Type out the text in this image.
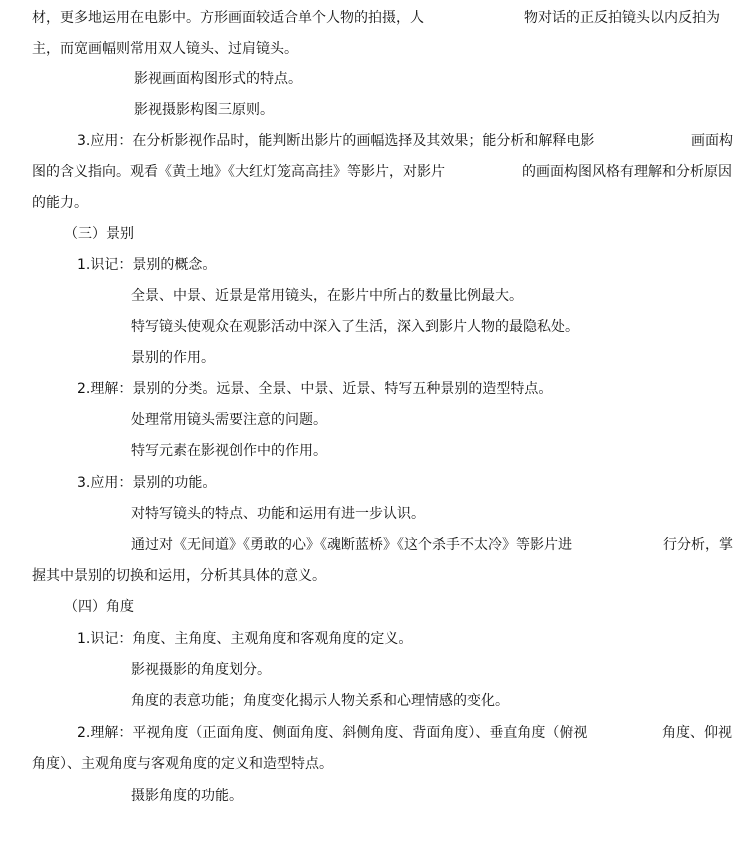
材，更多地运用在电影中。方形画面较适合单个人物的拍摄，人	物对话的正反拍镜头以内反拍为
主，而宽画幅则常用双人镜头、过肩镜头。
影视画面构图形式的特点。
影视摄影构图三原则。
3.应用：在分析影视作品时，能判断出影片的画幅选择及其效果；能分析和解释电影	画面构
图的含义指向。观看《黄土地》《大红灯笼高高挂》等影片，对影片	的画面构图风格有理解和分析原因
的能力。
（三）景别
1.识记：景别的概念。
全景、中景、近景是常用镜头，在影片中所占的数量比例最大。
特写镜头使观众在观影活动中深入了生活，深入到影片人物的最隐私处。
景别的作用。
2.理解：景别的分类。远景、全景、中景、近景、特写五种景别的造型特点。
处理常用镜头需要注意的问题。
特写元素在影视创作中的作用。
3.应用：景别的功能。
对特写镜头的特点、功能和运用有进一步认识。
通过对《无间道》《勇敢的心》《魂断蓝桥》《这个杀手不太冷》等影片进	行分析，掌
握其中景别的切换和运用，分析其具体的意义。
（四）角度
1.识记：角度、主角度、主观角度和客观角度的定义。
影视摄影的角度划分。
角度的表意功能；角度变化揭示人物关系和心理情感的变化。
2.理解：平视角度（正面角度、侧面角度、斜侧角度、背面角度）、垂直角度（俯视	角度、仰视
角度）、主观角度与客观角度的定义和造型特点。
摄影角度的功能。
